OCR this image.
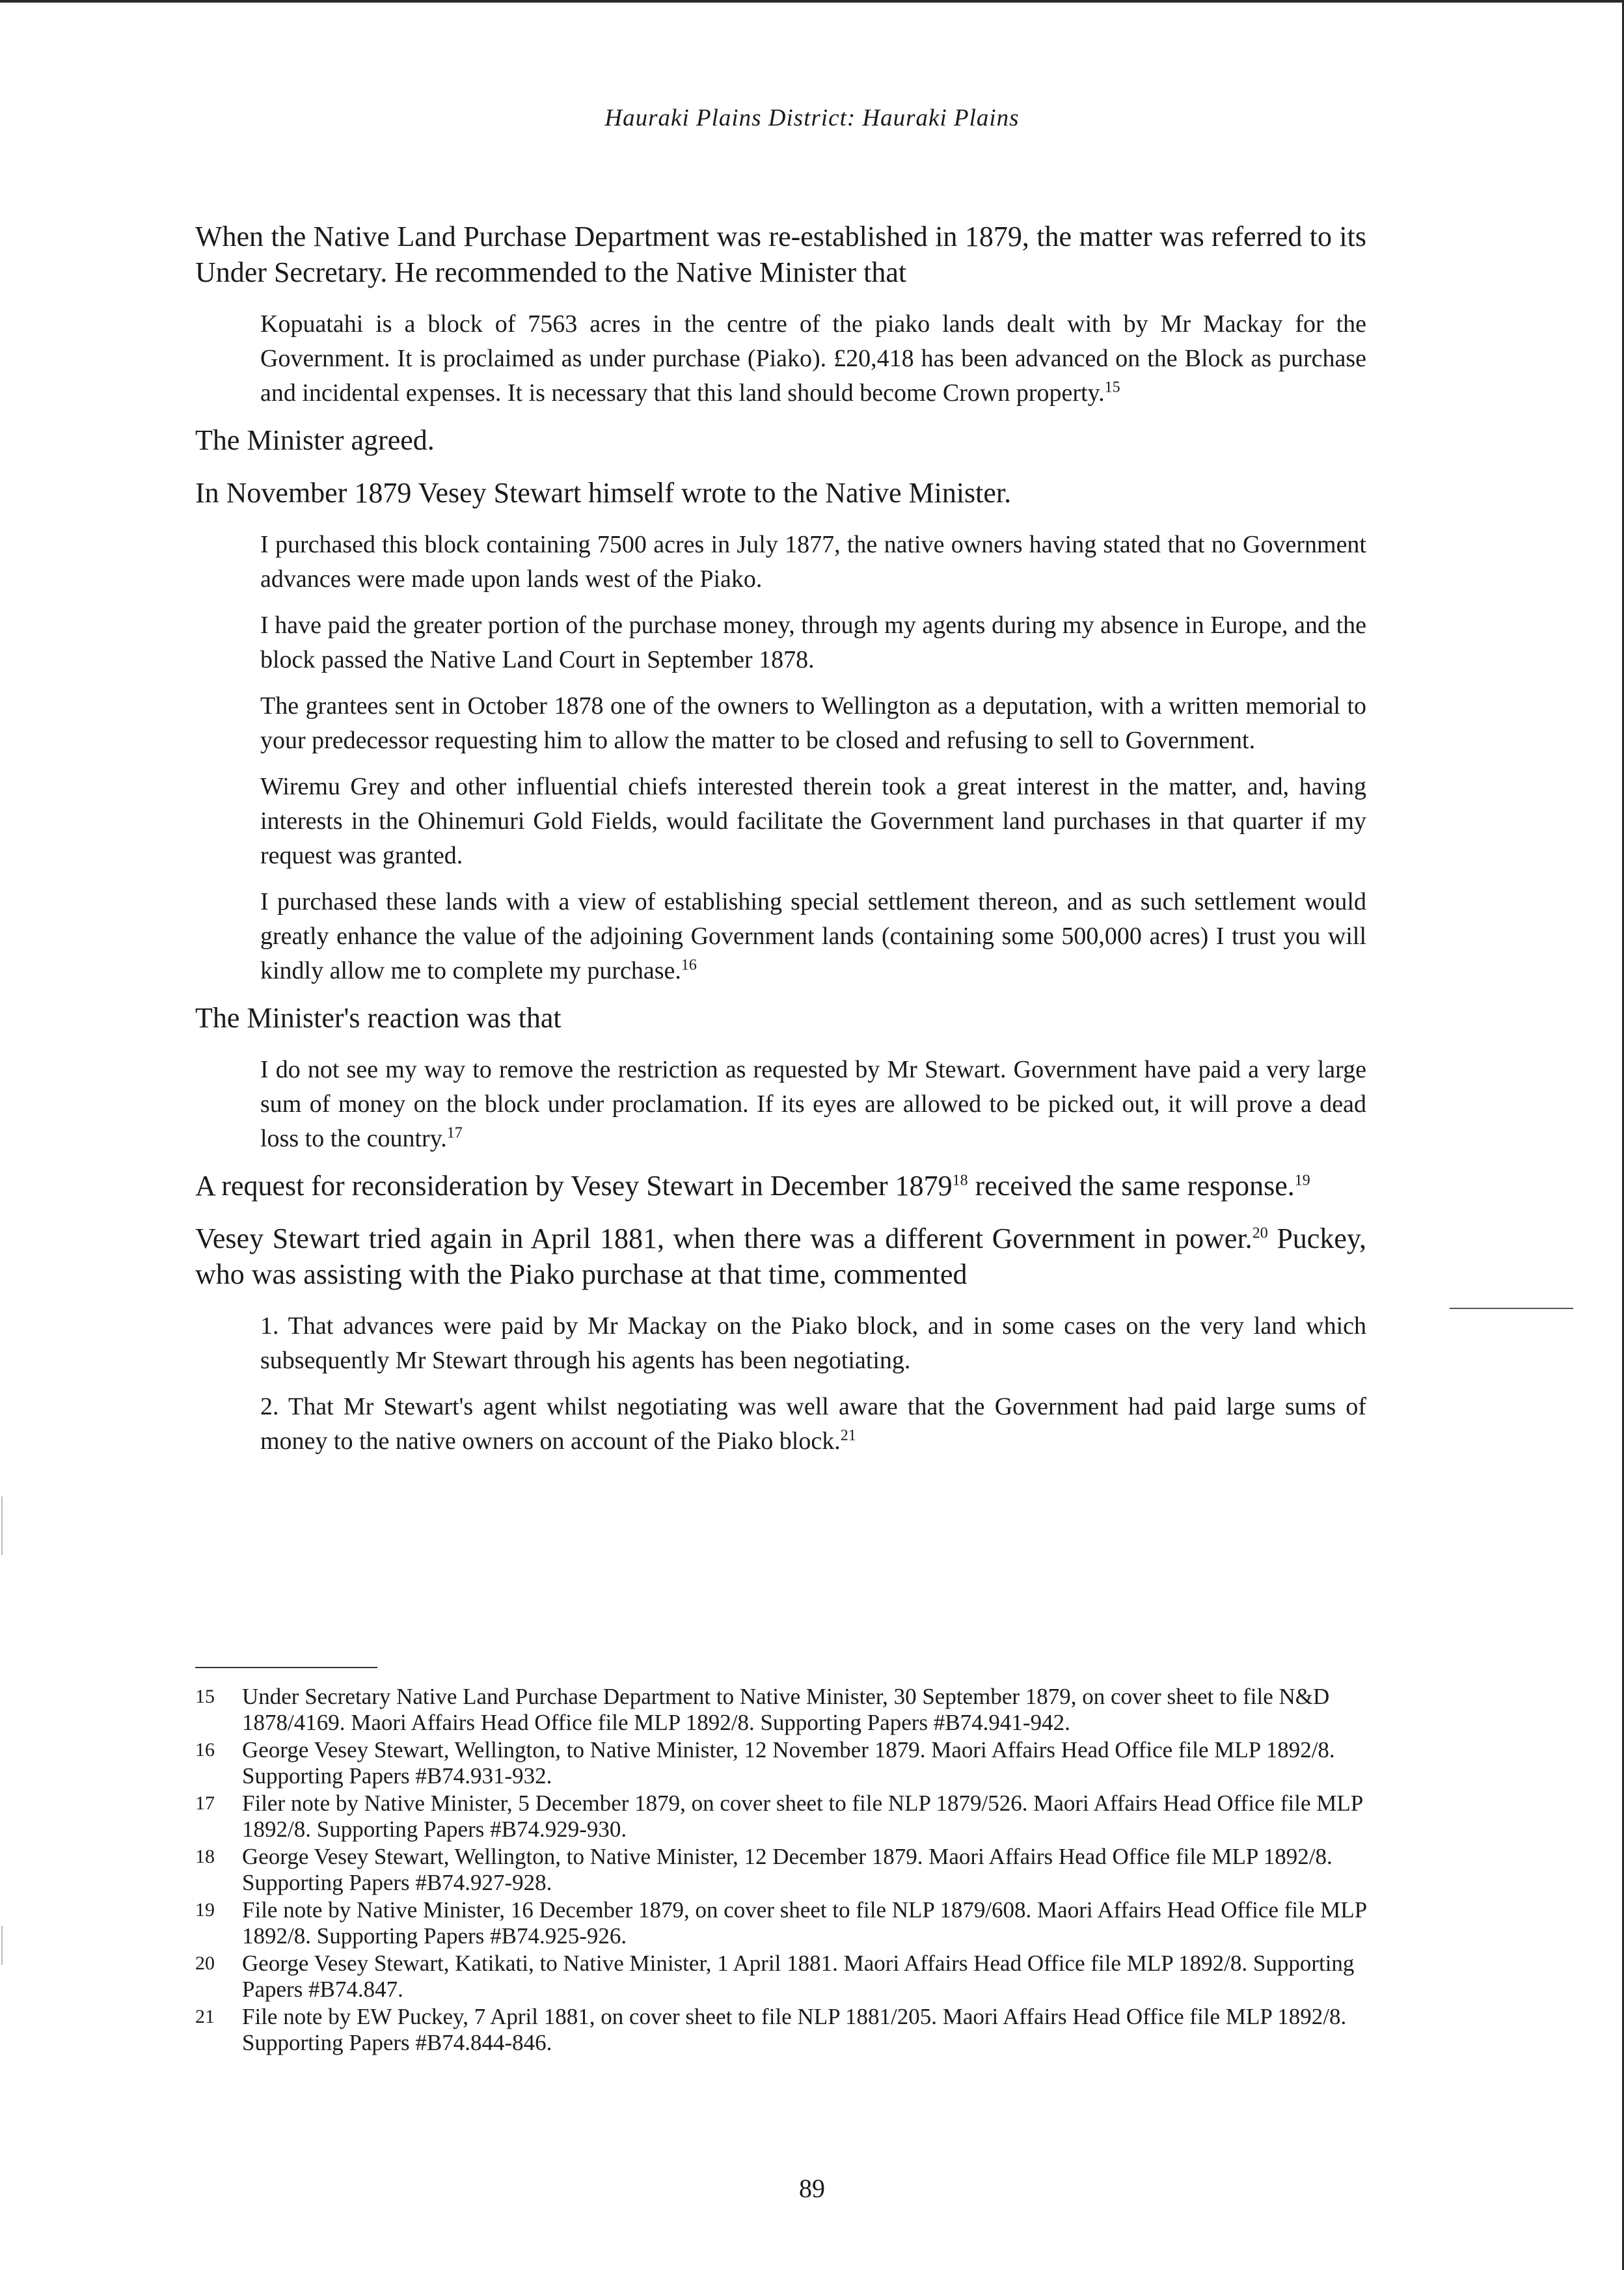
Hauraki Plains District: Hauraki Plains

When the Native Land Purchase Department was re-established in 1879, the matter was referred to its Under Secretary. He recommended to the Native Minister that

Kopuatahi is a block of 7563 acres in the centre of the piako lands dealt with by Mr Mackay for the Government. It is proclaimed as under purchase (Piako). £20,418 has been advanced on the Block as purchase and incidental expenses. It is necessary that this land should become Crown property.$^{15}$

The Minister agreed.

In November 1879 Vesey Stewart himself wrote to the Native Minister.

I purchased this block containing 7500 acres in July 1877, the native owners having stated that no Government advances were made upon lands west of the Piako.

I have paid the greater portion of the purchase money, through my agents during my absence in Europe, and the block passed the Native Land Court in September 1878.

The grantees sent in October 1878 one of the owners to Wellington as a deputation, with a written memorial to your predecessor requesting him to allow the matter to be closed and refusing to sell to Government.

Wiremu Grey and other influential chiefs interested therein took a great interest in the matter, and, having interests in the Ohinemuri Gold Fields, would facilitate the Government land purchases in that quarter if my request was granted.

I purchased these lands with a view of establishing special settlement thereon, and as such settlement would greatly enhance the value of the adjoining Government lands (containing some 500,000 acres) I trust you will kindly allow me to complete my purchase.$^{16}$

The Minister's reaction was that

I do not see my way to remove the restriction as requested by Mr Stewart. Government have paid a very large sum of money on the block under proclamation. If its eyes are allowed to be picked out, it will prove a dead loss to the country.$^{17}$

A request for reconsideration by Vesey Stewart in December 1879$^{18}$ received the same response.$^{19}$

Vesey Stewart tried again in April 1881, when there was a different Government in power.$^{20}$ Puckey, who was assisting with the Piako purchase at that time, commented

1. That advances were paid by Mr Mackay on the Piako block, and in some cases on the very land which subsequently Mr Stewart through his agents has been negotiating.

2. That Mr Stewart's agent whilst negotiating was well aware that the Government had paid large sums of money to the native owners on account of the Piako block.$^{21}$

15	Under Secretary Native Land Purchase Department to Native Minister, 30 September 1879, on cover sheet to file N&D 1878/4169. Maori Affairs Head Office file MLP 1892/8. Supporting Papers #B74.941-942.
16	George Vesey Stewart, Wellington, to Native Minister, 12 November 1879. Maori Affairs Head Office file MLP 1892/8. Supporting Papers #B74.931-932.
17	Filer note by Native Minister, 5 December 1879, on cover sheet to file NLP 1879/526. Maori Affairs Head Office file MLP 1892/8. Supporting Papers #B74.929-930.
18	George Vesey Stewart, Wellington, to Native Minister, 12 December 1879. Maori Affairs Head Office file MLP 1892/8. Supporting Papers #B74.927-928.
19	File note by Native Minister, 16 December 1879, on cover sheet to file NLP 1879/608. Maori Affairs Head Office file MLP 1892/8. Supporting Papers #B74.925-926.
20	George Vesey Stewart, Katikati, to Native Minister, 1 April 1881. Maori Affairs Head Office file MLP 1892/8. Supporting Papers #B74.847.
21	File note by EW Puckey, 7 April 1881, on cover sheet to file NLP 1881/205. Maori Affairs Head Office file MLP 1892/8. Supporting Papers #B74.844-846.
89
